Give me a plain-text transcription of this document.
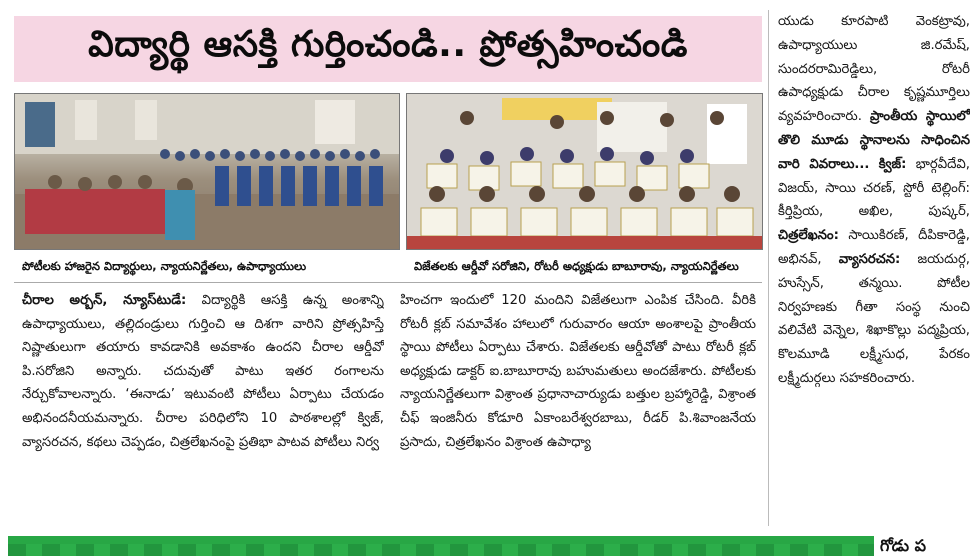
విద్యార్థి ఆసక్తి గుర్తించండి.. ప్రోత్సహించండి
పోటీలకు హాజరైన విద్యార్థులు, న్యాయనిర్ణేతలు, ఉపాధ్యాయులు	విజేతలకు ఆర్డీవో సరోజిని, రోటరీ అధ్యక్షుడు బాబూరావు, న్యాయనిర్ణేతలు

చీరాల అర్బన్, న్యూస్‌టుడే: విద్యార్థికి ఆసక్తి ఉన్న అంశాన్ని ఉపాధ్యాయులు, తల్లిదండ్రులు గుర్తించి ఆ దిశగా వారిని ప్రోత్సహిస్తే నిష్ణాతులుగా తయారు కావడానికి అవకాశం ఉందని చీరాల ఆర్డీవో పి.సరోజిని అన్నారు. చదువుతో పాటు ఇతర రంగాలను నేర్చుకోవాలన్నారు. ‘ఈనాడు’ ఇటువంటి పోటీలు ఏర్పాటు చేయడం అభినందనీయమన్నారు. చీరాల పరిధిలోని 10 పాఠశాలల్లో క్విజ్, వ్యాసరచన, కథలు చెప్పడం, చిత్రలేఖనంపై ప్రతిభా పాటవ పోటీలు నిర్వ

హించగా ఇందులో 120 మందిని విజేతలుగా ఎంపిక చేసింది. వీరికి రోటరీ క్లబ్ సమావేశం హాలులో గురువారం ఆయా అంశాలపై ప్రాంతీయ స్థాయి పోటీలు ఏర్పాటు చేశారు. విజేతలకు ఆర్డీవోతో పాటు రోటరీ క్లబ్ అధ్యక్షుడు డాక్టర్ ఐ.బాబూరావు బహుమతులు అందజేశారు. పోటీలకు న్యాయనిర్ణేతలుగా విశ్రాంత ప్రధానాచార్యుడు బత్తుల బ్రహ్మారెడ్డి, విశ్రాంత చీఫ్ ఇంజినీరు కోడూరి ఏకాంబరేశ్వరబాబు, రీడర్ పి.శివాంజనేయ ప్రసాదు, చిత్రలేఖనం విశ్రాంత ఉపాధ్యా

యుడు కూరపాటి వెంకట్రావు, ఉపాధ్యాయులు జి.రమేష్, సుందరరామిరెడ్డిలు, రోటరీ ఉపాధ్యక్షుడు చీరాల కృష్ణమూర్తిలు వ్యవహరించారు. ప్రాంతీయ స్థాయిలో తొలి మూడు స్థానాలను సాధించిన వారి వివరాలు... క్విజ్: భార్గవీదేవి, విజయ్, సాయి చరణ్, స్టోరీ టెల్లింగ్: కీర్తిప్రియ, అఖిల, పుష్కర్, చిత్రలేఖనం: సాయికిరణ్, దీపికారెడ్డి, అభినవ్, వ్యాసరచన: జయదుర్గ, హుస్సేన్, తన్మయి. పోటీల నిర్వహణకు గీతా సంస్థ నుంచి వలివేటి వెన్నెల, శిఖాకొల్లు పద్మప్రియ, కొలమూడి లక్ష్మీసుధ, పేరకం లక్ష్మీదుర్గలు సహకరించారు.

గోడు ప
